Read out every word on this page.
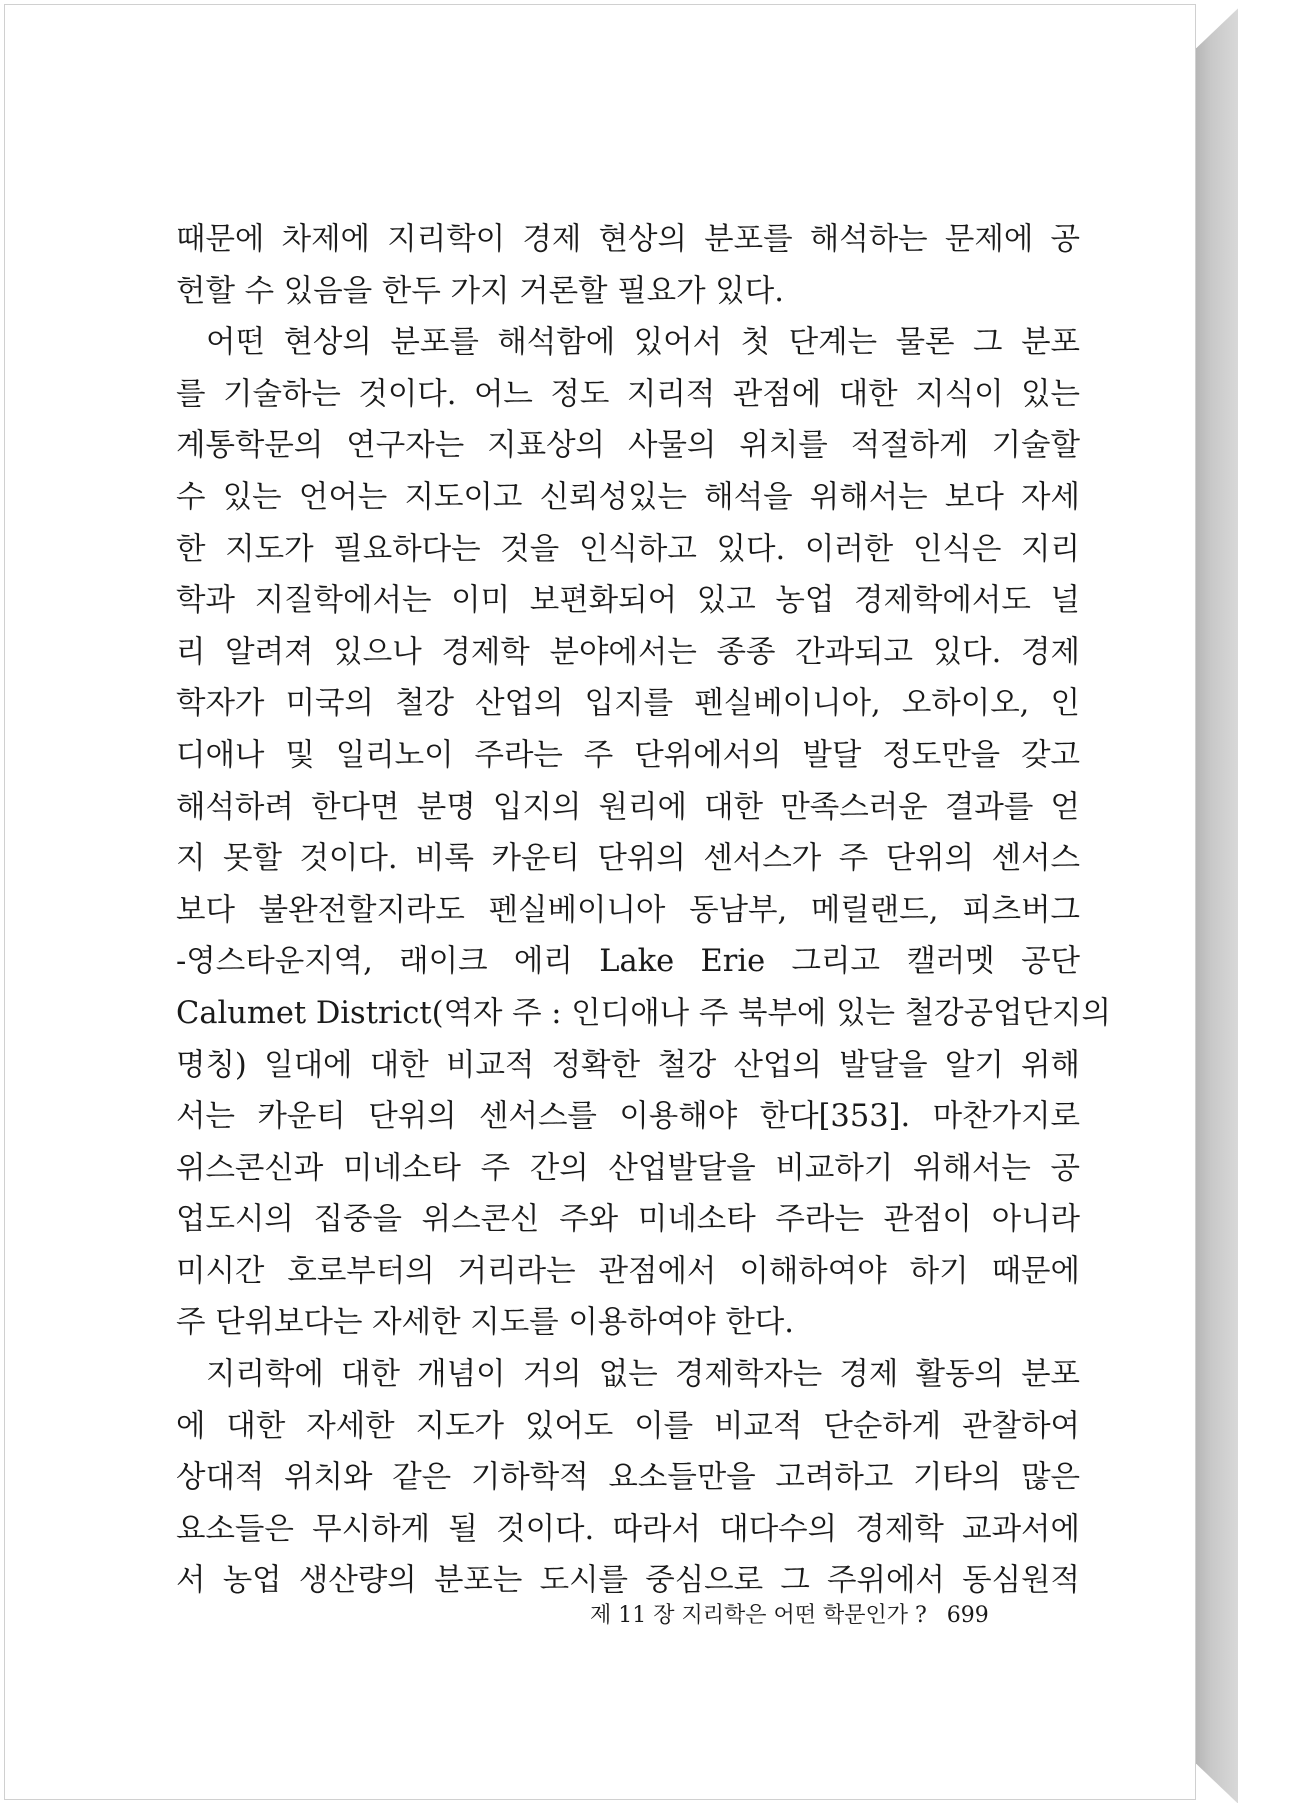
때문에 차제에 지리학이 경제 현상의 분포를 해석하는 문제에 공
헌할 수 있음을 한두 가지 거론할 필요가 있다.
어떤 현상의 분포를 해석함에 있어서 첫 단계는 물론 그 분포
를 기술하는 것이다. 어느 정도 지리적 관점에 대한 지식이 있는
계통학문의 연구자는 지표상의 사물의 위치를 적절하게 기술할
수 있는 언어는 지도이고 신뢰성있는 해석을 위해서는 보다 자세
한 지도가 필요하다는 것을 인식하고 있다. 이러한 인식은 지리
학과 지질학에서는 이미 보편화되어 있고 농업 경제학에서도 널
리 알려져 있으나 경제학 분야에서는 종종 간과되고 있다. 경제
학자가 미국의 철강 산업의 입지를 펜실베이니아, 오하이오, 인
디애나 및 일리노이 주라는 주 단위에서의 발달 정도만을 갖고
해석하려 한다면 분명 입지의 원리에 대한 만족스러운 결과를 얻
지 못할 것이다. 비록 카운티 단위의 센서스가 주 단위의 센서스
보다 불완전할지라도 펜실베이니아 동남부, 메릴랜드, 피츠버그
-영스타운지역, 래이크 에리 Lake Erie 그리고 캘러멧 공단
Calumet District(역자 주 : 인디애나 주 북부에 있는 철강공업단지의
명칭) 일대에 대한 비교적 정확한 철강 산업의 발달을 알기 위해
서는 카운티 단위의 센서스를 이용해야 한다[353]. 마찬가지로
위스콘신과 미네소타 주 간의 산업발달을 비교하기 위해서는 공
업도시의 집중을 위스콘신 주와 미네소타 주라는 관점이 아니라
미시간 호로부터의 거리라는 관점에서 이해하여야 하기 때문에
주 단위보다는 자세한 지도를 이용하여야 한다.
지리학에 대한 개념이 거의 없는 경제학자는 경제 활동의 분포
에 대한 자세한 지도가 있어도 이를 비교적 단순하게 관찰하여
상대적 위치와 같은 기하학적 요소들만을 고려하고 기타의 많은
요소들은 무시하게 될 것이다. 따라서 대다수의 경제학 교과서에
서 농업 생산량의 분포는 도시를 중심으로 그 주위에서 동심원적
제 11 장 지리학은 어떤 학문인가 ? 699
